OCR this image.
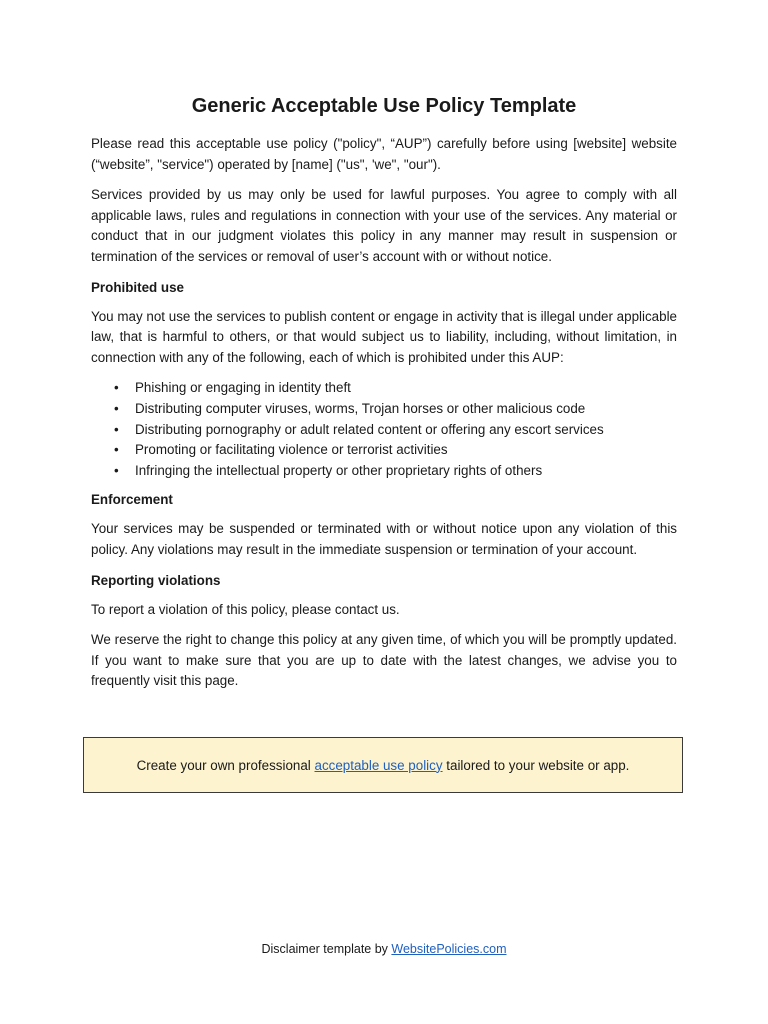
Generic Acceptable Use Policy Template

Please read this acceptable use policy ("policy", “AUP”) carefully before using [website] website (“website”, "service") operated by [name] ("us", 'we", "our").

Services provided by us may only be used for lawful purposes. You agree to comply with all applicable laws, rules and regulations in connection with your use of the services. Any material or conduct that in our judgment violates this policy in any manner may result in suspension or termination of the services or removal of user’s account with or without notice.

Prohibited use

You may not use the services to publish content or engage in activity that is illegal under applicable law, that is harmful to others, or that would subject us to liability, including, without limitation, in connection with any of the following, each of which is prohibited under this AUP:

• Phishing or engaging in identity theft
• Distributing computer viruses, worms, Trojan horses or other malicious code
• Distributing pornography or adult related content or offering any escort services
• Promoting or facilitating violence or terrorist activities
• Infringing the intellectual property or other proprietary rights of others
Enforcement

Your services may be suspended or terminated with or without notice upon any violation of this policy. Any violations may result in the immediate suspension or termination of your account.

Reporting violations

To report a violation of this policy, please contact us.

We reserve the right to change this policy at any given time, of which you will be promptly updated. If you want to make sure that you are up to date with the latest changes, we advise you to frequently visit this page.

Create your own professional
acceptable use policy
tailored to your website or app.
Disclaimer template by WebsitePolicies.com
